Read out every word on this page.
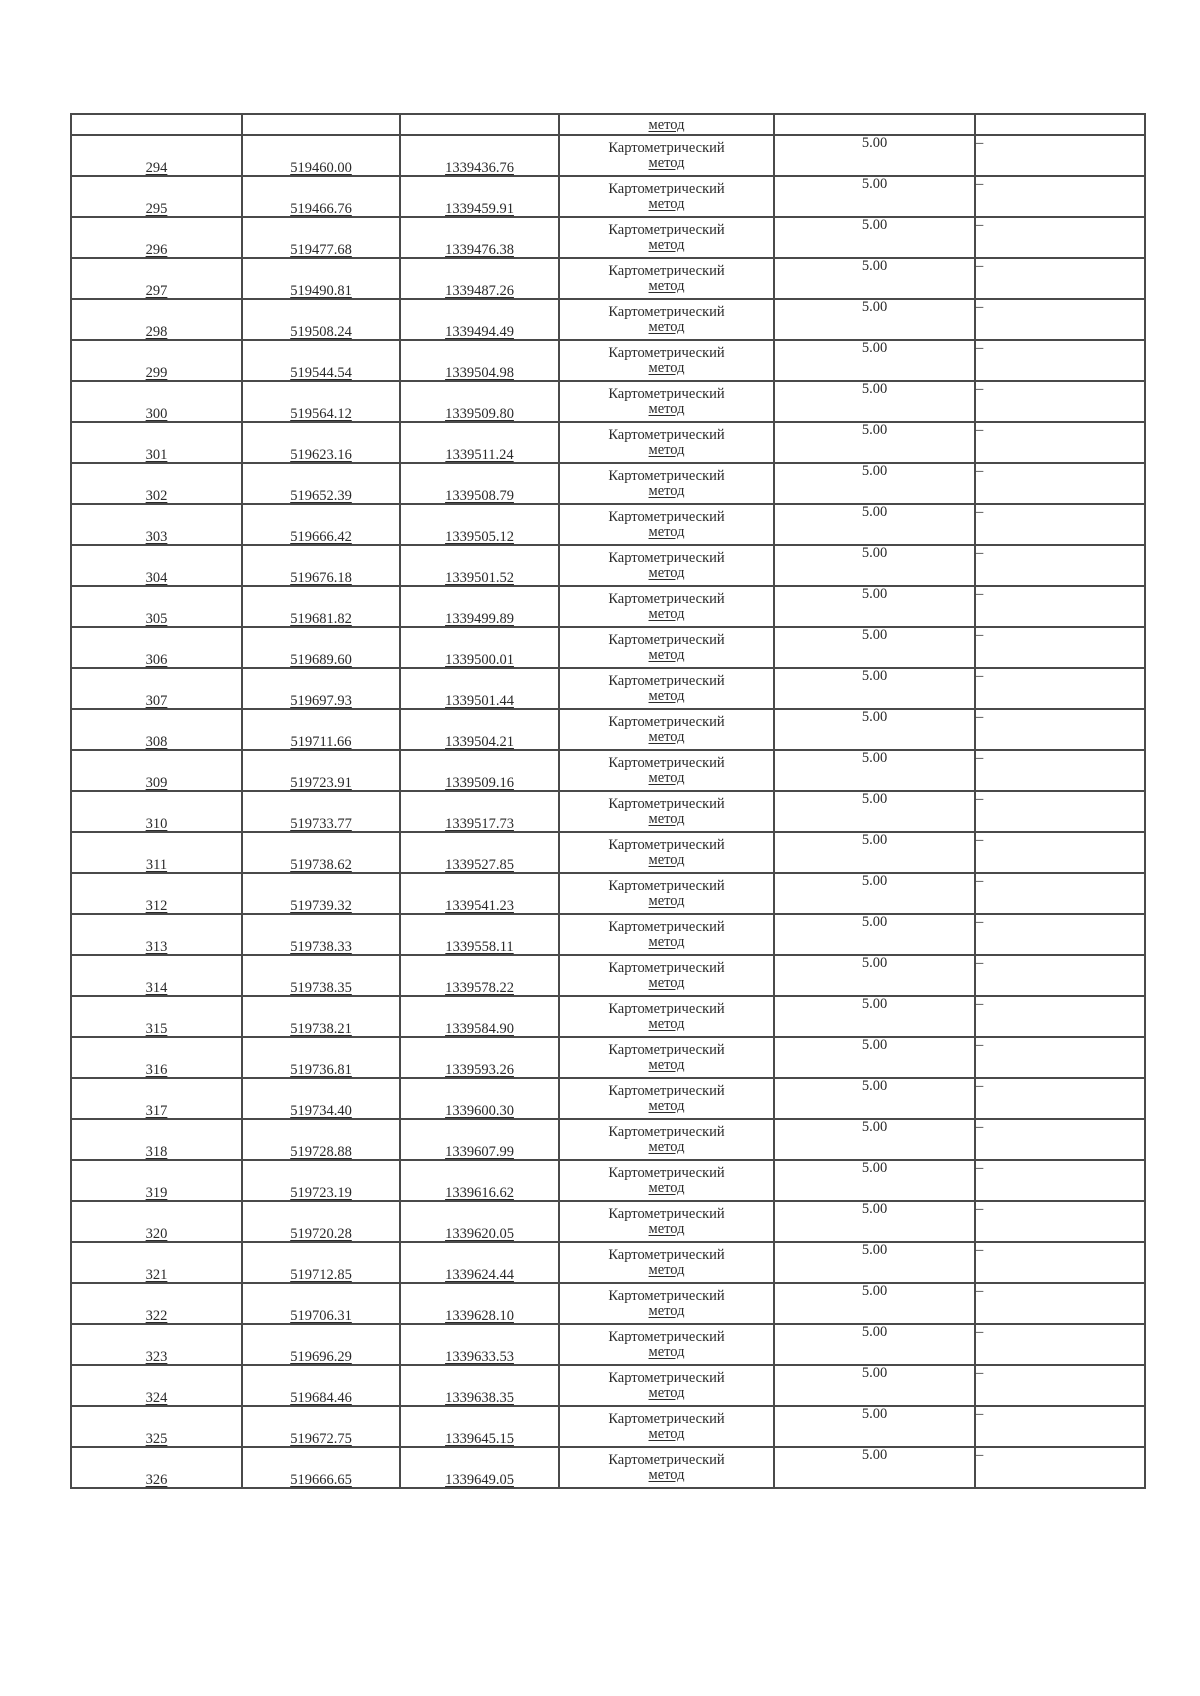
			метод		
294	519460.00	1339436.76	Картометрический
метод	5.00	–
295	519466.76	1339459.91	Картометрический
метод	5.00	–
296	519477.68	1339476.38	Картометрический
метод	5.00	–
297	519490.81	1339487.26	Картометрический
метод	5.00	–
298	519508.24	1339494.49	Картометрический
метод	5.00	–
299	519544.54	1339504.98	Картометрический
метод	5.00	–
300	519564.12	1339509.80	Картометрический
метод	5.00	–
301	519623.16	1339511.24	Картометрический
метод	5.00	–
302	519652.39	1339508.79	Картометрический
метод	5.00	–
303	519666.42	1339505.12	Картометрический
метод	5.00	–
304	519676.18	1339501.52	Картометрический
метод	5.00	–
305	519681.82	1339499.89	Картометрический
метод	5.00	–
306	519689.60	1339500.01	Картометрический
метод	5.00	–
307	519697.93	1339501.44	Картометрический
метод	5.00	–
308	519711.66	1339504.21	Картометрический
метод	5.00	–
309	519723.91	1339509.16	Картометрический
метод	5.00	–
310	519733.77	1339517.73	Картометрический
метод	5.00	–
311	519738.62	1339527.85	Картометрический
метод	5.00	–
312	519739.32	1339541.23	Картометрический
метод	5.00	–
313	519738.33	1339558.11	Картометрический
метод	5.00	–
314	519738.35	1339578.22	Картометрический
метод	5.00	–
315	519738.21	1339584.90	Картометрический
метод	5.00	–
316	519736.81	1339593.26	Картометрический
метод	5.00	–
317	519734.40	1339600.30	Картометрический
метод	5.00	–
318	519728.88	1339607.99	Картометрический
метод	5.00	–
319	519723.19	1339616.62	Картометрический
метод	5.00	–
320	519720.28	1339620.05	Картометрический
метод	5.00	–
321	519712.85	1339624.44	Картометрический
метод	5.00	–
322	519706.31	1339628.10	Картометрический
метод	5.00	–
323	519696.29	1339633.53	Картометрический
метод	5.00	–
324	519684.46	1339638.35	Картометрический
метод	5.00	–
325	519672.75	1339645.15	Картометрический
метод	5.00	–
326	519666.65	1339649.05	Картометрический
метод	5.00	–
